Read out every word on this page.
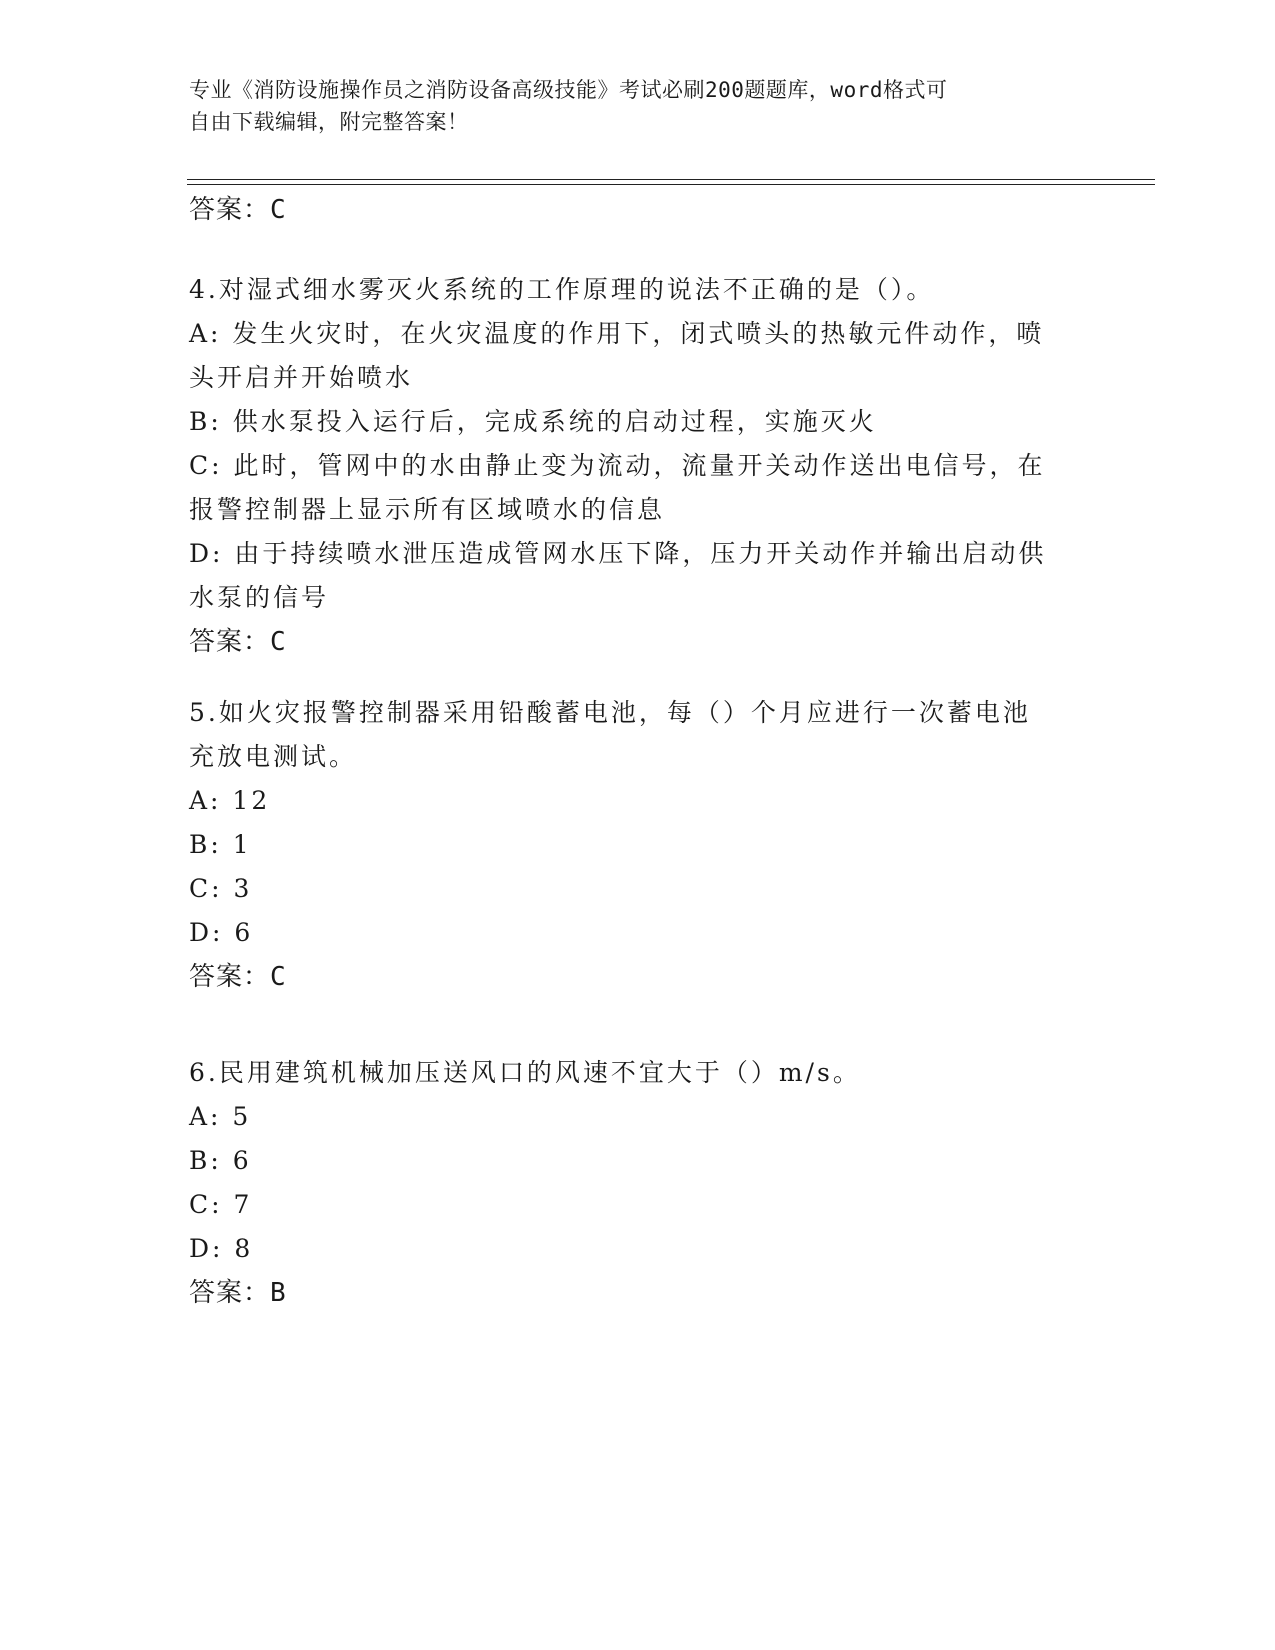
专业《消防设施操作员之消防设备高级技能》考试必刷200题题库，word格式可
自由下载编辑，附完整答案！
答案：C
4.对湿式细水雾灭火系统的工作原理的说法不正确的是（）。
A: 发生火灾时，在火灾温度的作用下，闭式喷头的热敏元件动作，喷
头开启并开始喷水
B: 供水泵投入运行后，完成系统的启动过程，实施灭火
C: 此时，管网中的水由静止变为流动，流量开关动作送出电信号，在
报警控制器上显示所有区域喷水的信息
D: 由于持续喷水泄压造成管网水压下降，压力开关动作并输出启动供
水泵的信号
答案：C
5.如火灾报警控制器采用铅酸蓄电池，每（）个月应进行一次蓄电池
充放电测试。
A: 12
B: 1
C: 3
D: 6
答案：C
6.民用建筑机械加压送风口的风速不宜大于（）m/s。
A: 5
B: 6
C: 7
D: 8
答案：B
